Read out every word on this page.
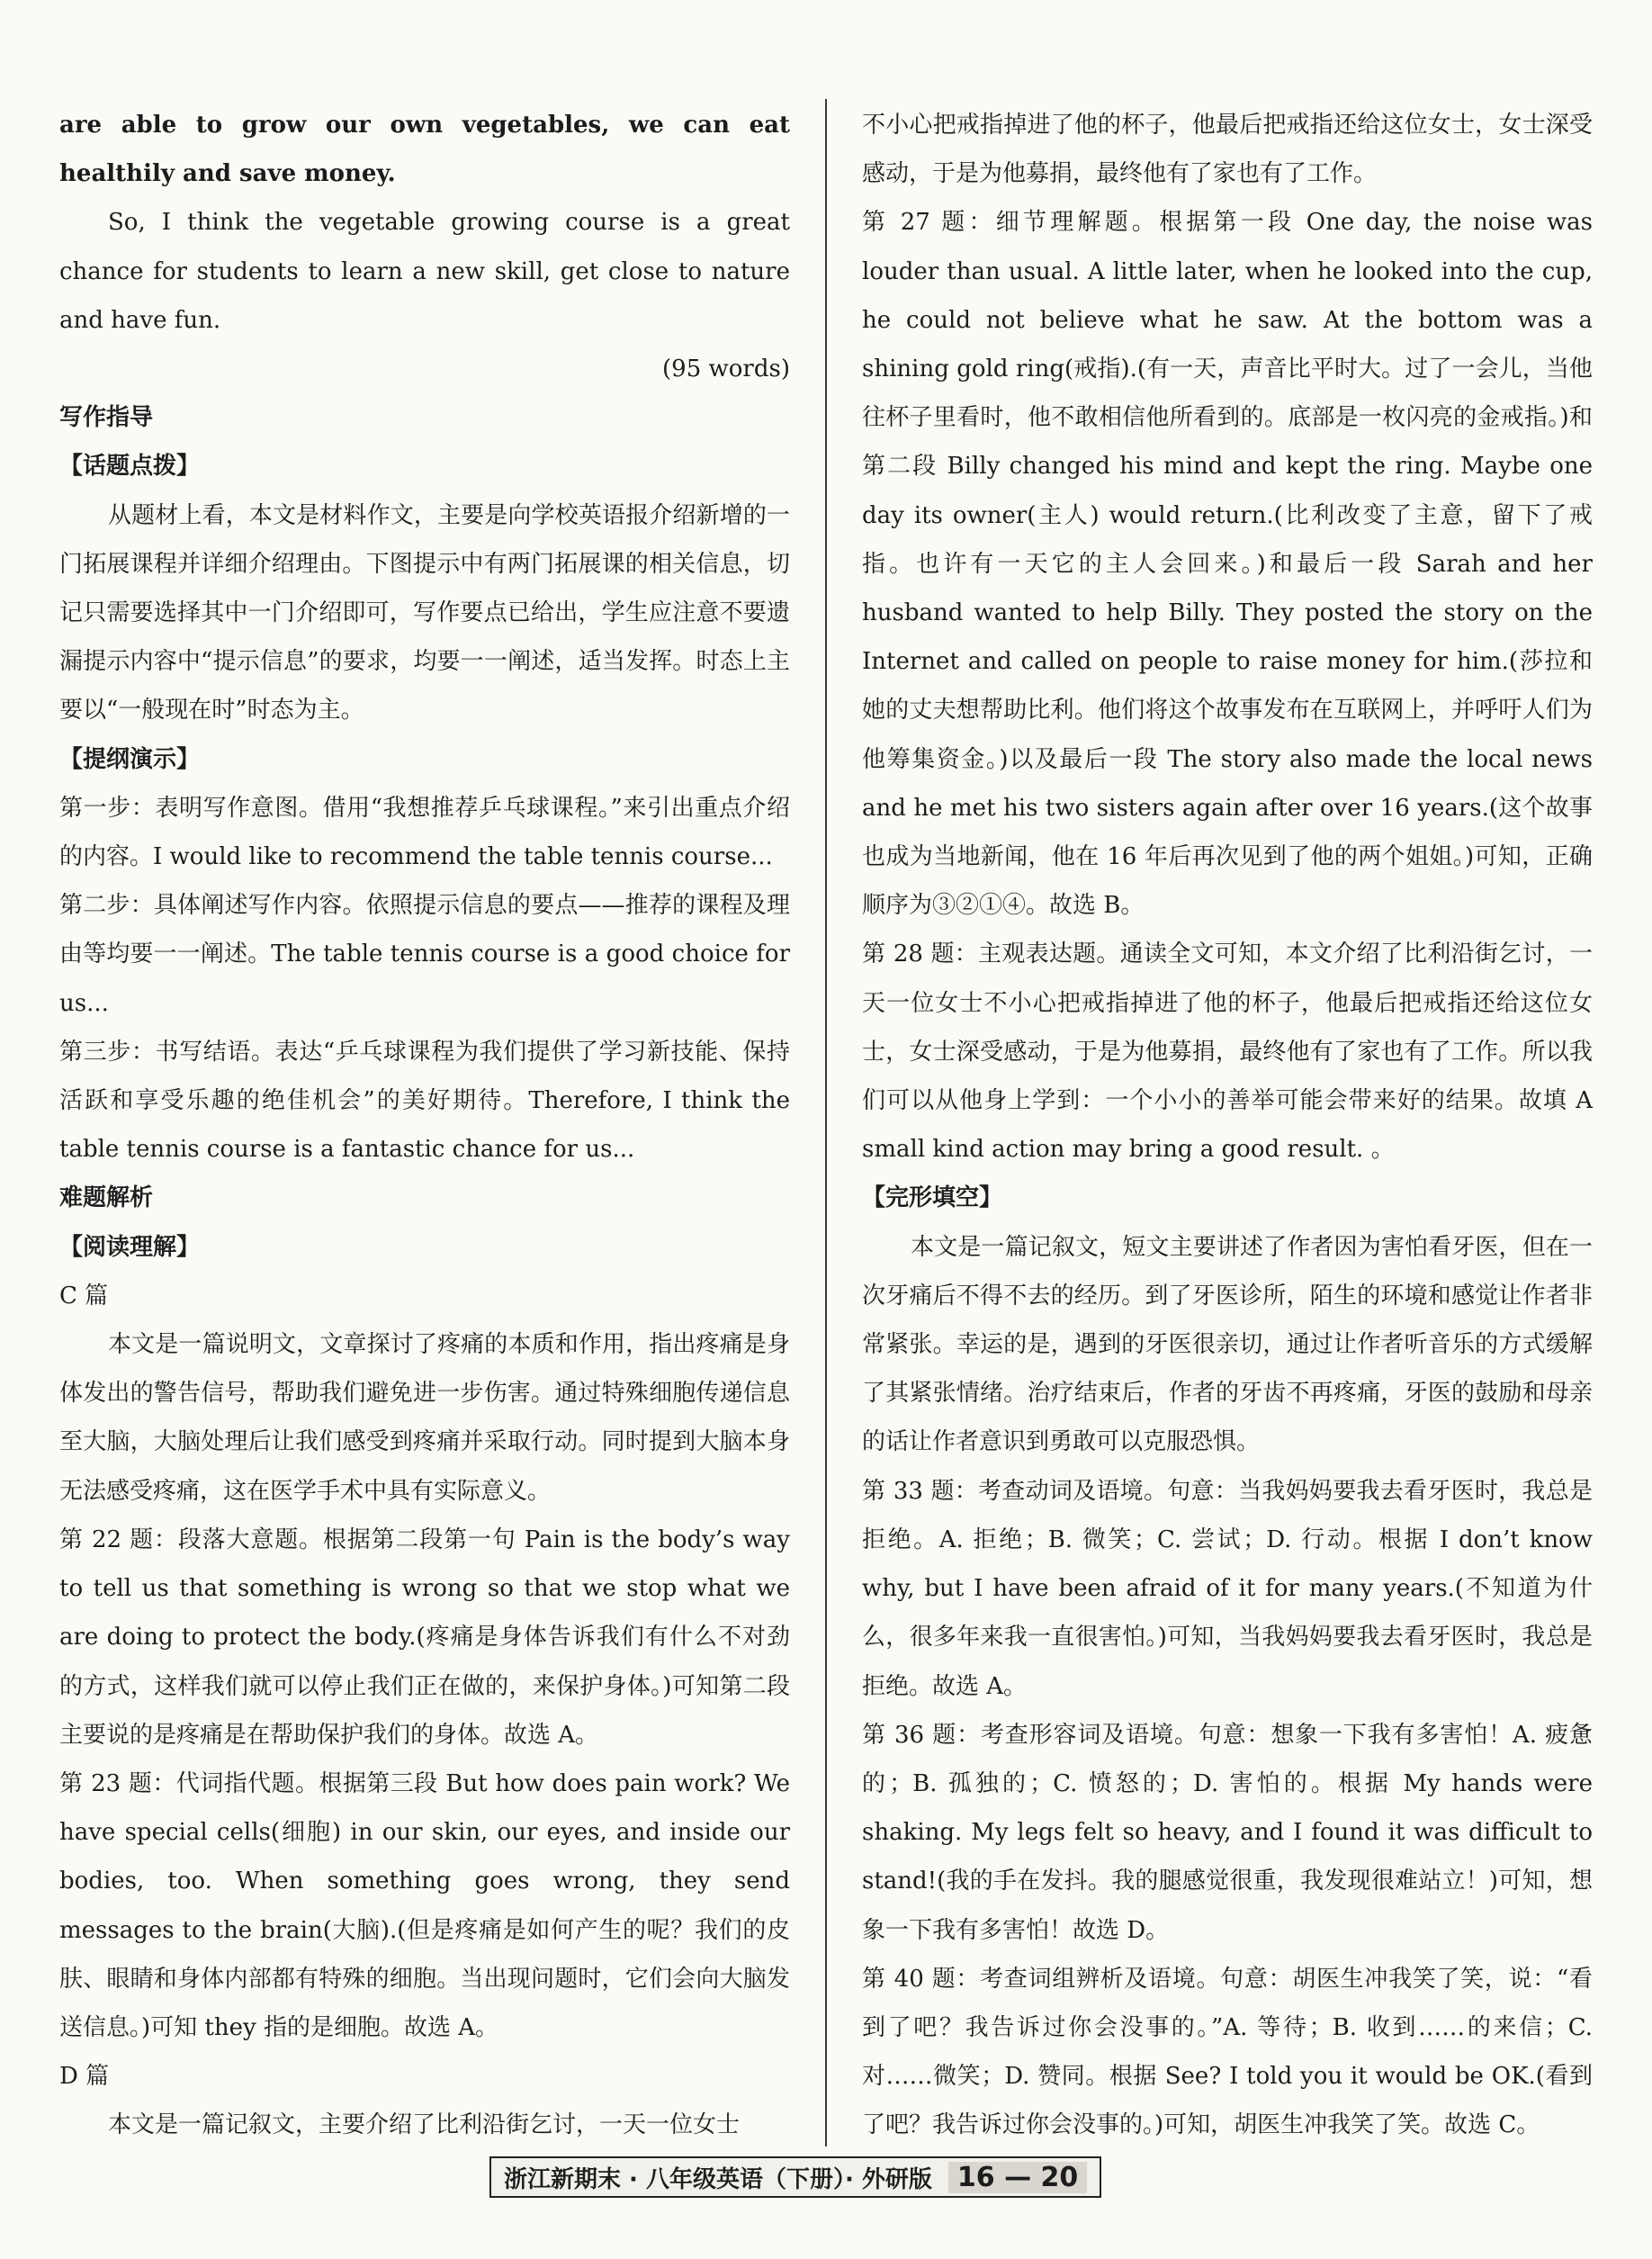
are able to grow our own vegetables, we can eat healthily and save money.

So, I think the vegetable growing course is a great chance for students to learn a new skill, get close to nature and have fun.

(95 words)

写作指导

【话题点拨】

从题材上看，本文是材料作文，主要是向学校英语报介绍新增的一门拓展课程并详细介绍理由。下图提示中有两门拓展课的相关信息，切记只需要选择其中一门介绍即可，写作要点已给出，学生应注意不要遗漏提示内容中“提示信息”的要求，均要一一阐述，适当发挥。时态上主要以“一般现在时”时态为主。

【提纲演示】

第一步：表明写作意图。借用“我想推荐乒乓球课程。”来引出重点介绍的内容。I would like to recommend the table tennis course...

第二步：具体阐述写作内容。依照提示信息的要点——推荐的课程及理由等均要一一阐述。The table tennis course is a good choice for us...

第三步：书写结语。表达“乒乓球课程为我们提供了学习新技能、保持活跃和享受乐趣的绝佳机会”的美好期待。Therefore, I think the table tennis course is a fantastic chance for us...

难题解析

【阅读理解】

C 篇

本文是一篇说明文，文章探讨了疼痛的本质和作用，指出疼痛是身体发出的警告信号，帮助我们避免进一步伤害。通过特殊细胞传递信息至大脑，大脑处理后让我们感受到疼痛并采取行动。同时提到大脑本身无法感受疼痛，这在医学手术中具有实际意义。

第 22 题：段落大意题。根据第二段第一句 Pain is the body’s way to tell us that something is wrong so that we stop what we are doing to protect the body.(疼痛是身体告诉我们有什么不对劲的方式，这样我们就可以停止我们正在做的，来保护身体。)可知第二段主要说的是疼痛是在帮助保护我们的身体。故选 A。

第 23 题：代词指代题。根据第三段 But how does pain work? We have special cells(细胞) in our skin, our eyes, and inside our bodies, too. When something goes wrong, they send messages to the brain(大脑).(但是疼痛是如何产生的呢？我们的皮肤、眼睛和身体内部都有特殊的细胞。当出现问题时，它们会向大脑发送信息。)可知 they 指的是细胞。故选 A。

D 篇

本文是一篇记叙文，主要介绍了比利沿街乞讨，一天一位女士

不小心把戒指掉进了他的杯子，他最后把戒指还给这位女士，女士深受感动，于是为他募捐，最终他有了家也有了工作。

第 27 题：细节理解题。根据第一段 One day, the noise was louder than usual. A little later, when he looked into the cup, he could not believe what he saw. At the bottom was a shining gold ring(戒指).(有一天，声音比平时大。过了一会儿，当他往杯子里看时，他不敢相信他所看到的。底部是一枚闪亮的金戒指。)和第二段 Billy changed his mind and kept the ring. Maybe one day its owner(主人) would return.(比利改变了主意，留下了戒指。也许有一天它的主人会回来。)和最后一段 Sarah and her husband wanted to help Billy. They posted the story on the Internet and called on people to raise money for him.(莎拉和她的丈夫想帮助比利。他们将这个故事发布在互联网上，并呼吁人们为他筹集资金。)以及最后一段 The story also made the local news and he met his two sisters again after over 16 years.(这个故事也成为当地新闻，他在 16 年后再次见到了他的两个姐姐。)可知，正确顺序为③②①④。故选 B。

第 28 题：主观表达题。通读全文可知，本文介绍了比利沿街乞讨，一天一位女士不小心把戒指掉进了他的杯子，他最后把戒指还给这位女士，女士深受感动，于是为他募捐，最终他有了家也有了工作。所以我们可以从他身上学到：一个小小的善举可能会带来好的结果。故填 A small kind action may bring a good result. 。

【完形填空】

本文是一篇记叙文，短文主要讲述了作者因为害怕看牙医，但在一次牙痛后不得不去的经历。到了牙医诊所，陌生的环境和感觉让作者非常紧张。幸运的是，遇到的牙医很亲切，通过让作者听音乐的方式缓解了其紧张情绪。治疗结束后，作者的牙齿不再疼痛，牙医的鼓励和母亲的话让作者意识到勇敢可以克服恐惧。

第 33 题：考查动词及语境。句意：当我妈妈要我去看牙医时，我总是拒绝。A. 拒绝；B. 微笑；C. 尝试；D. 行动。根据 I don’t know why, but I have been afraid of it for many years.(不知道为什么，很多年来我一直很害怕。)可知，当我妈妈要我去看牙医时，我总是拒绝。故选 A。

第 36 题：考查形容词及语境。句意：想象一下我有多害怕！A. 疲惫的；B. 孤独的；C. 愤怒的；D. 害怕的。根据 My hands were shaking. My legs felt so heavy, and I found it was difficult to stand!(我的手在发抖。我的腿感觉很重，我发现很难站立！)可知，想象一下我有多害怕！故选 D。

第 40 题：考查词组辨析及语境。句意：胡医生冲我笑了笑，说：“看到了吧？我告诉过你会没事的。”A. 等待；B. 收到……的来信；C. 对……微笑；D. 赞同。根据 See? I told you it would be OK.(看到了吧？我告诉过你会没事的。)可知，胡医生冲我笑了笑。故选 C。

浙江新期末 · 八年级英语（下册）· 外研版 16 — 20
